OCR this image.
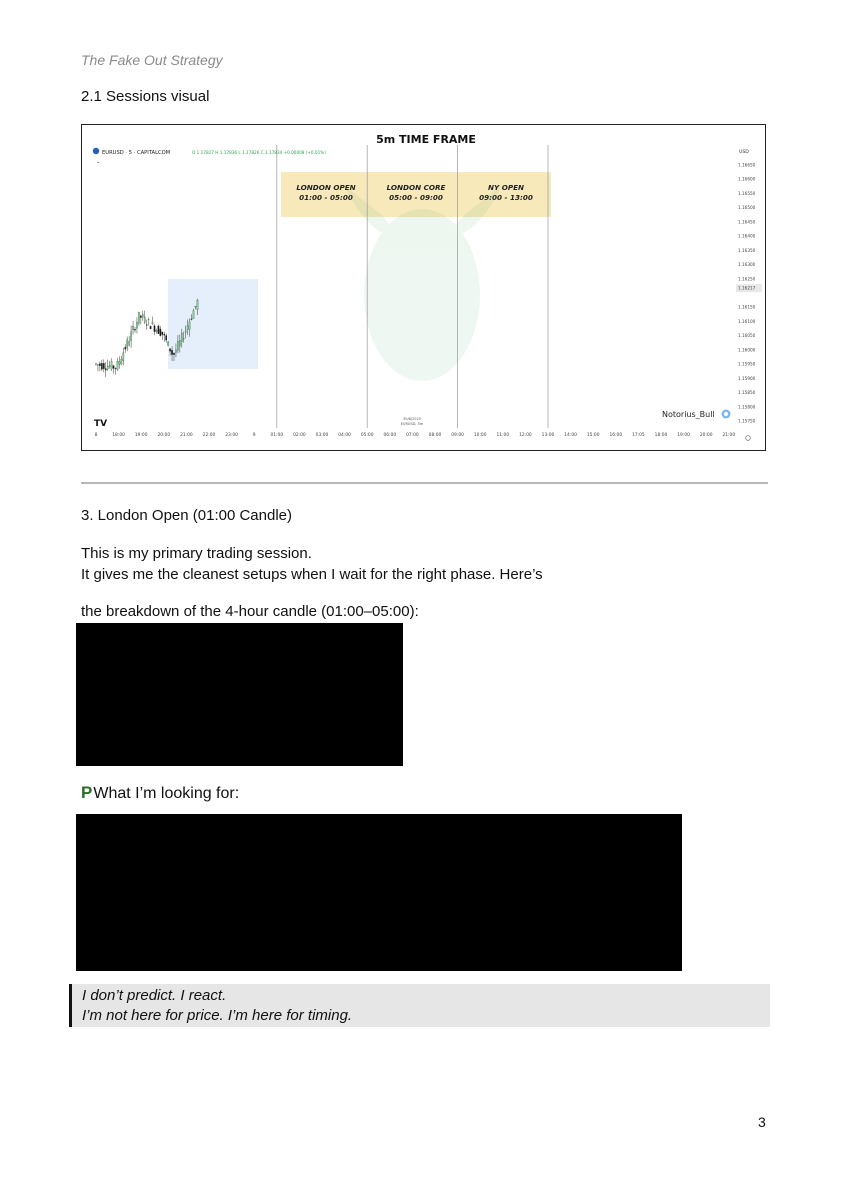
The Fake Out Strategy
2.1 Sessions visual
5m TIME FRAME
EURUSD · 5 · CAPITALCOM	O 1.17827 H 1.17836 L 1.17826 C 1.17834 +0.00008 (+0.01%)
⌄
USD
LONDON OPEN
01:00 - 05:00
LONDON CORE
05:00 - 09:00
NY OPEN
09:00 - 13:00
1.16650
1.16600
1.16550
1.16500
1.16450
1.16400
1.16350
1.16300
1.16250
1.16217
1.16150
1.16100
1.16050
1.16000
1.15950
1.15900
1.15850
1.15800
1.15750
8	18:00 19:00 20:00 21:00 22:00 23:00	9	01:00 02:00 03:00 04:00 05:00 06:00 07:00 08:00 09:00 10:00 11:00 12:00 13:00 14:00 15:00 16:00 17:05 18:00 19:00 20:00 21:00
TV	30/6/2025
EURUSD, 5m
Notorius_Bull
3. London Open (01:00 Candle)
This is my primary trading session.
It gives me the cleanest setups when I wait for the right phase. Here’s
the breakdown of the 4-hour candle (01:00–05:00):
PWhat I’m looking for:
I don’t predict. I react.
I’m not here for price. I’m here for timing.
3
